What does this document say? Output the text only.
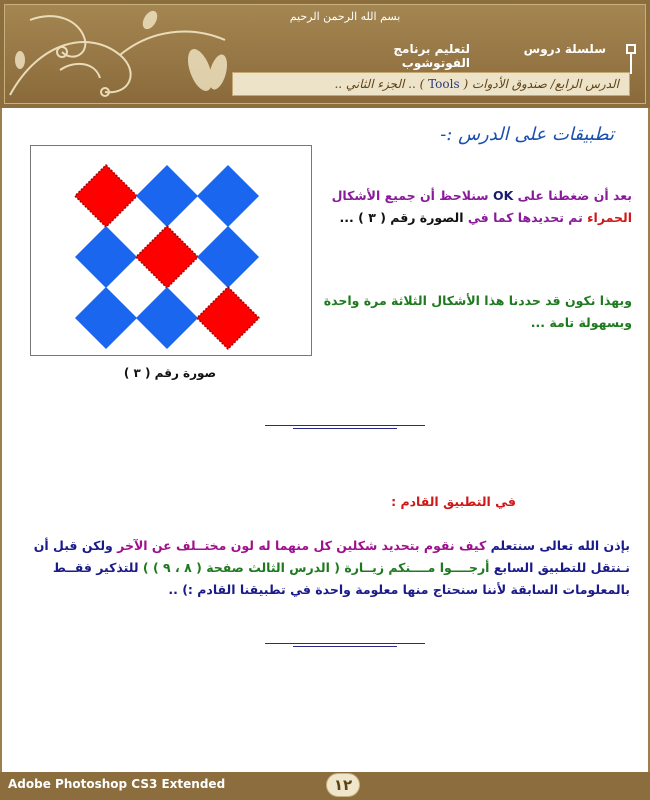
بسم الله الرحمن الرحيم
سلسلة دروس
لتعليم برنامج الفوتوشوب
الدرس الرابع/ صندوق الأدوات ( Tools ) .. الجزء الثاني ..
تطبيقات على الدرس :-
صورة رقم ( ٣ )
بعد أن ضغطنا على OK سنلاحظ أن جميع الأشكال الحمراء تم تحديدها كما في الصورة رقم ( ٣ ) ...
وبهذا نكون قد حددنا هذا الأشكال الثلاثة مرة واحدة وبسهولة تامة ...
في التطبيق القادم :
بإذن الله تعالى سنتعلم كيف نقوم بتحديد شكلين كل منهما له لون مختــلف عن الآخر ولكن قبل أن نـنتقل للتطبيق السابع أرجــــوا مــــنكم زيــارة ( الدرس الثالث صفحة ( ٨ ، ٩ ) ) للتذكير فقــط بالمعلومات السابقة لأننا سنحتاج منها معلومة واحدة في تطبيقنا القادم :) ..
Adobe Photoshop CS3 Extended	١٢
